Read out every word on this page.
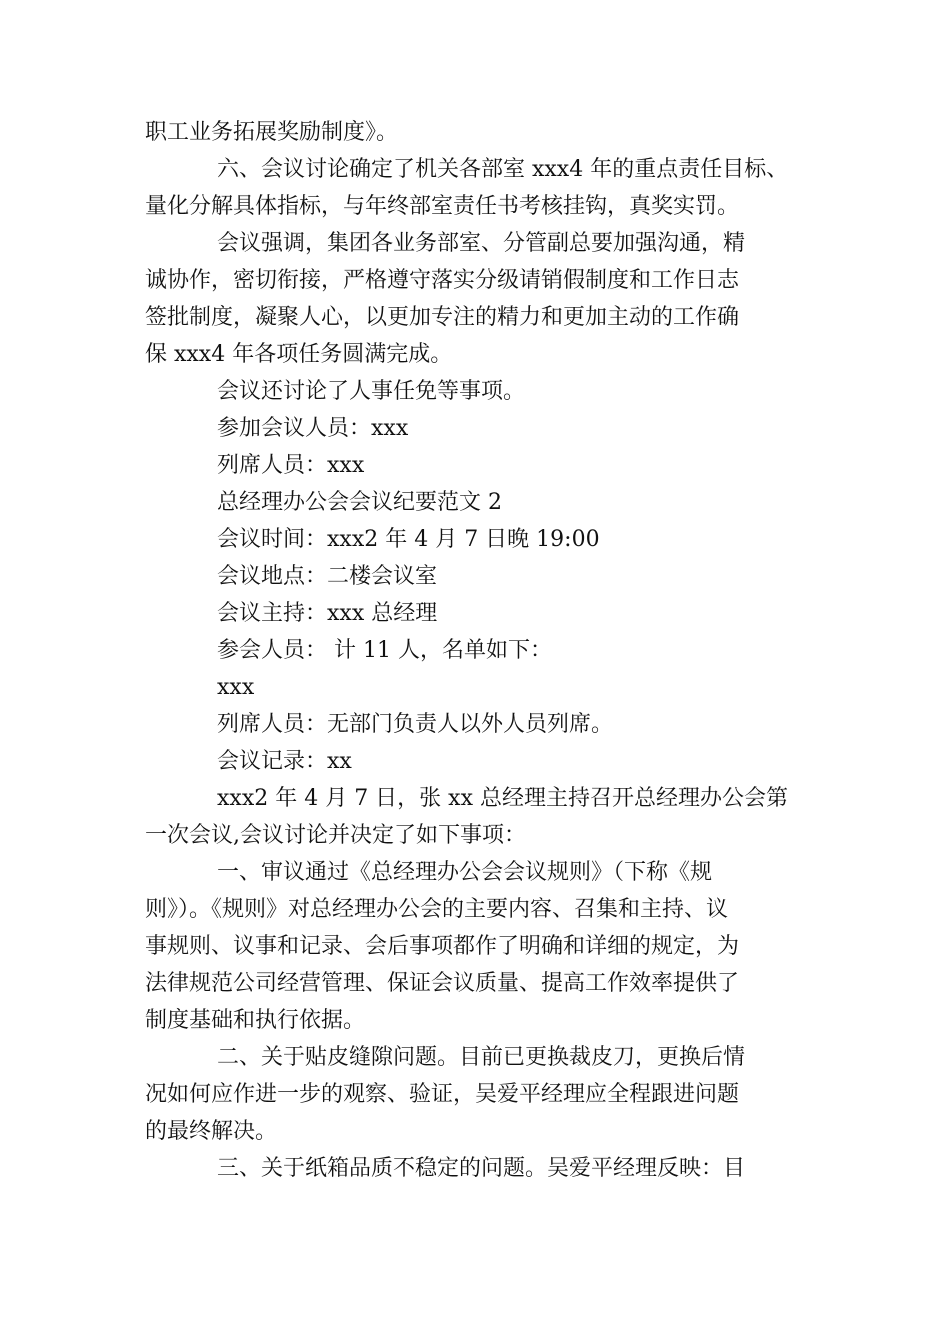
职工业务拓展奖励制度》。
六、会议讨论确定了机关各部室 xxx4 年的重点责任目标、
量化分解具体指标，与年终部室责任书考核挂钩，真奖实罚。
会议强调，集团各业务部室、分管副总要加强沟通，精
诚协作，密切衔接，严格遵守落实分级请销假制度和工作日志
签批制度，凝聚人心，以更加专注的精力和更加主动的工作确
保 xxx4 年各项任务圆满完成。
会议还讨论了人事任免等事项。
参加会议人员：xxx
列席人员：xxx
总经理办公会会议纪要范文 2
会议时间：xxx2 年 4 月 7 日晚 19:00
会议地点：二楼会议室
会议主持：xxx 总经理
参会人员： 计 11 人，名单如下：
xxx
列席人员：无部门负责人以外人员列席。
会议记录：xx
xxx2 年 4 月 7 日，张 xx 总经理主持召开总经理办公会第
一次会议,会议讨论并决定了如下事项：
一、审议通过《总经理办公会会议规则》（下称《规
则》）。《规则》对总经理办公会的主要内容、召集和主持、议
事规则、议事和记录、会后事项都作了明确和详细的规定，为
法律规范公司经营管理、保证会议质量、提高工作效率提供了
制度基础和执行依据。
二、关于贴皮缝隙问题。目前已更换裁皮刀，更换后情
况如何应作进一步的观察、验证，吴爱平经理应全程跟进问题
的最终解决。
三、关于纸箱品质不稳定的问题。吴爱平经理反映：目
